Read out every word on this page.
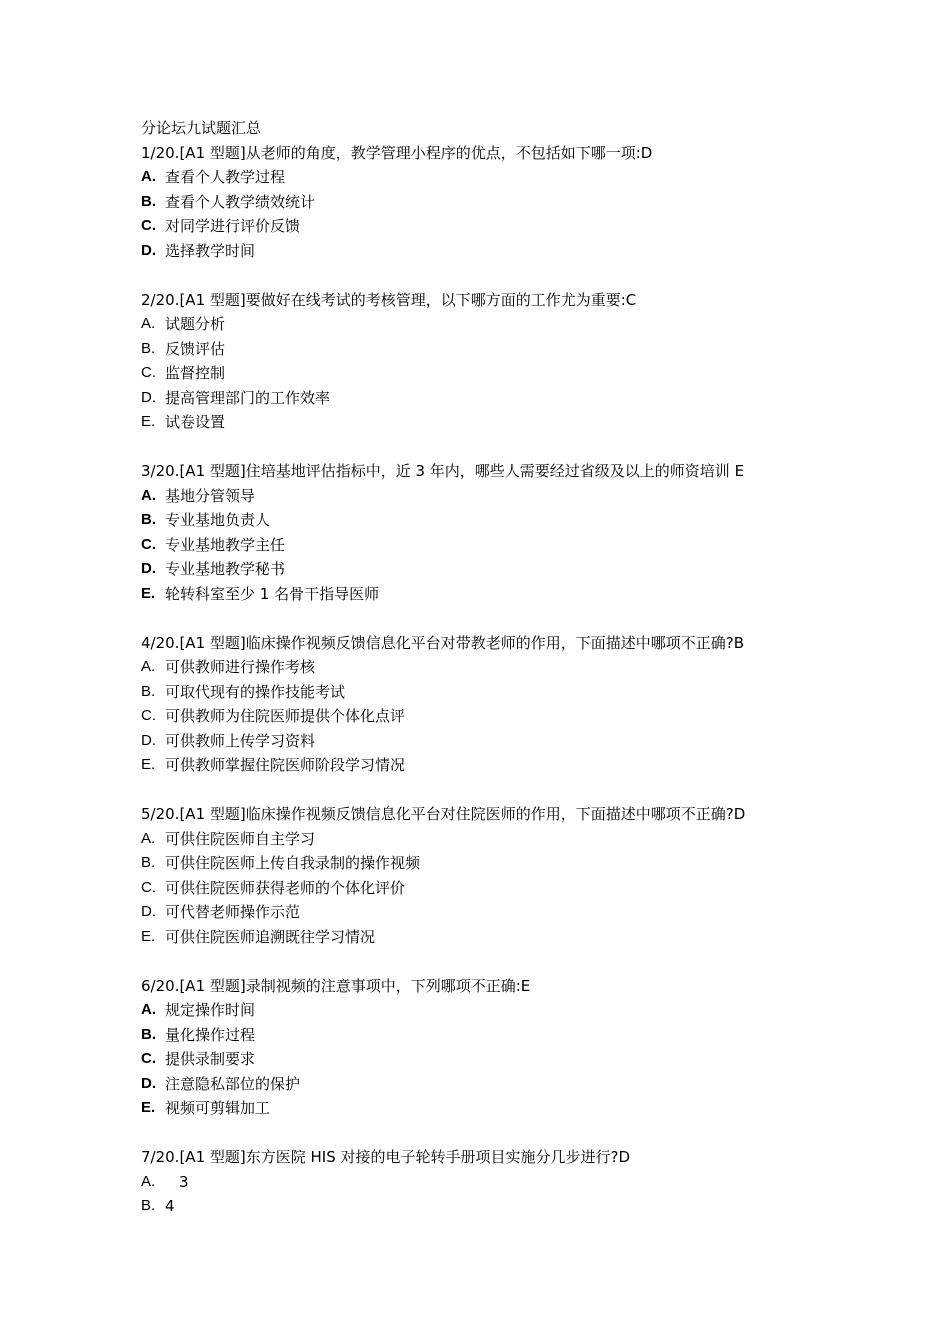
分论坛九试题汇总

1/20.[A1 型题]从老师的角度，教学管理小程序的优点，不包括如下哪一项:D

A. 查看个人教学过程
B. 查看个人教学绩效统计
C. 对同学进行评价反馈
D. 选择教学时间

2/20.[A1 型题]要做好在线考试的考核管理，以下哪方面的工作尤为重要:C

A. 试题分析
B. 反馈评估
C. 监督控制
D. 提高管理部门的工作效率
E. 试卷设置

3/20.[A1 型题]住培基地评估指标中，近 3 年内，哪些人需要经过省级及以上的师资培训 E

A. 基地分管领导
B. 专业基地负责人
C. 专业基地教学主任
D. 专业基地教学秘书
E. 轮转科室至少 1 名骨干指导医师

4/20.[A1 型题]临床操作视频反馈信息化平台对带教老师的作用，下面描述中哪项不正确?B

A. 可供教师进行操作考核
B. 可取代现有的操作技能考试
C. 可供教师为住院医师提供个体化点评
D. 可供教师上传学习资料
E. 可供教师掌握住院医师阶段学习情况

5/20.[A1 型题]临床操作视频反馈信息化平台对住院医师的作用，下面描述中哪项不正确?D

A. 可供住院医师自主学习
B. 可供住院医师上传自我录制的操作视频
C. 可供住院医师获得老师的个体化评价
D. 可代替老师操作示范
E. 可供住院医师追溯既往学习情况

6/20.[A1 型题]录制视频的注意事项中，下列哪项不正确:E

A. 规定操作时间
B. 量化操作过程
C. 提供录制要求
D. 注意隐私部位的保护
E. 视频可剪辑加工

7/20.[A1 型题]东方医院 HIS 对接的电子轮转手册项目实施分几步进行?D

A.	3
B. 4
